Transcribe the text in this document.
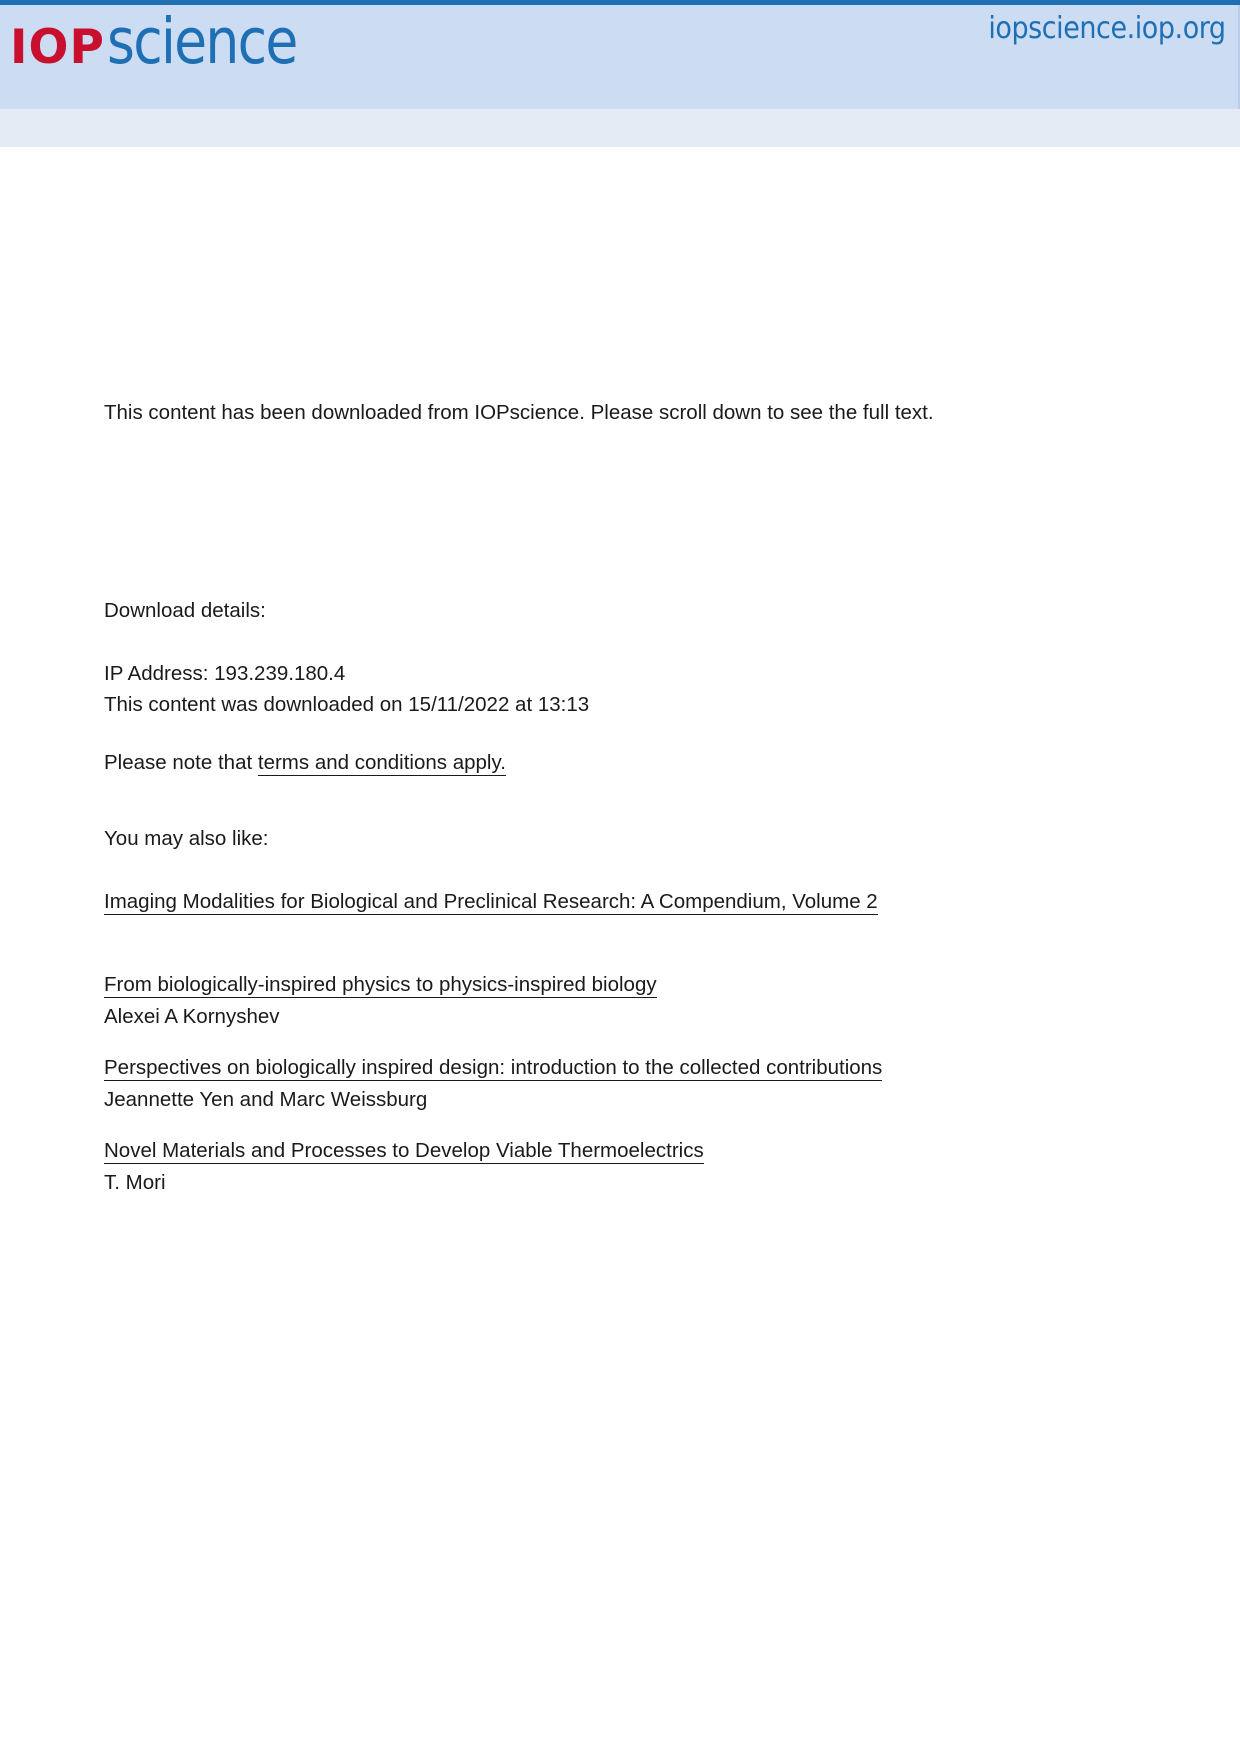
IOPscience	iopscience.iop.org
This content has been downloaded from IOPscience. Please scroll down to see the full text.
Download details:
IP Address: 193.239.180.4
This content was downloaded on 15/11/2022 at 13:13
Please note that terms and conditions apply.
You may also like:
Imaging Modalities for Biological and Preclinical Research: A Compendium, Volume 2
From biologically-inspired physics to physics-inspired biology
Alexei A Kornyshev
Perspectives on biologically inspired design: introduction to the collected contributions
Jeannette Yen and Marc Weissburg
Novel Materials and Processes to Develop Viable Thermoelectrics
T. Mori
